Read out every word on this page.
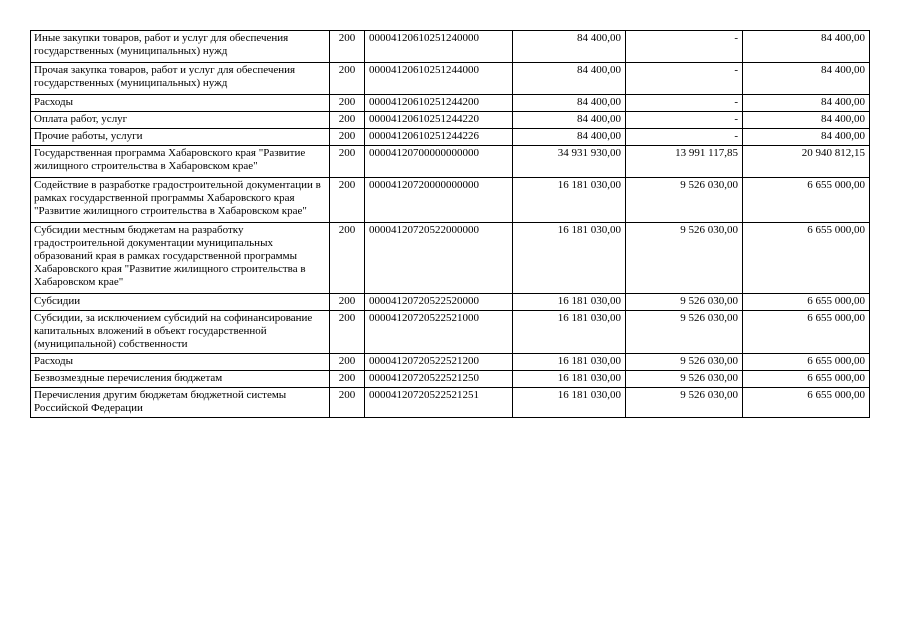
Иные закупки товаров, работ и услуг для обеспечения государственных (муниципальных) нужд	200	00004120610251240000	84 400,00	-	84 400,00
Прочая закупка товаров, работ и услуг для обеспечения государственных (муниципальных) нужд	200	00004120610251244000	84 400,00	-	84 400,00
Расходы	200	00004120610251244200	84 400,00	-	84 400,00
Оплата работ, услуг	200	00004120610251244220	84 400,00	-	84 400,00
Прочие работы, услуги	200	00004120610251244226	84 400,00	-	84 400,00
Государственная программа Хабаровского края "Развитие жилищного строительства в Хабаровском крае"	200	00004120700000000000	34 931 930,00	13 991 117,85	20 940 812,15
Содействие в разработке градостроительной документации в рамках государственной программы Хабаровского края "Развитие жилищного строительства в Хабаровском крае"	200	00004120720000000000	16 181 030,00	9 526 030,00	6 655 000,00
Субсидии местным бюджетам на разработку градостроительной документации муниципальных образований края в рамках государственной программы Хабаровского края "Развитие жилищного строительства в Хабаровском крае"	200	00004120720522000000	16 181 030,00	9 526 030,00	6 655 000,00
Субсидии	200	00004120720522520000	16 181 030,00	9 526 030,00	6 655 000,00
Субсидии, за исключением субсидий на софинансирование капитальных вложений в объект государственной (муниципальной) собственности	200	00004120720522521000	16 181 030,00	9 526 030,00	6 655 000,00
Расходы	200	00004120720522521200	16 181 030,00	9 526 030,00	6 655 000,00
Безвозмездные перечисления бюджетам	200	00004120720522521250	16 181 030,00	9 526 030,00	6 655 000,00
Перечисления другим бюджетам бюджетной системы Российской Федерации	200	00004120720522521251	16 181 030,00	9 526 030,00	6 655 000,00
